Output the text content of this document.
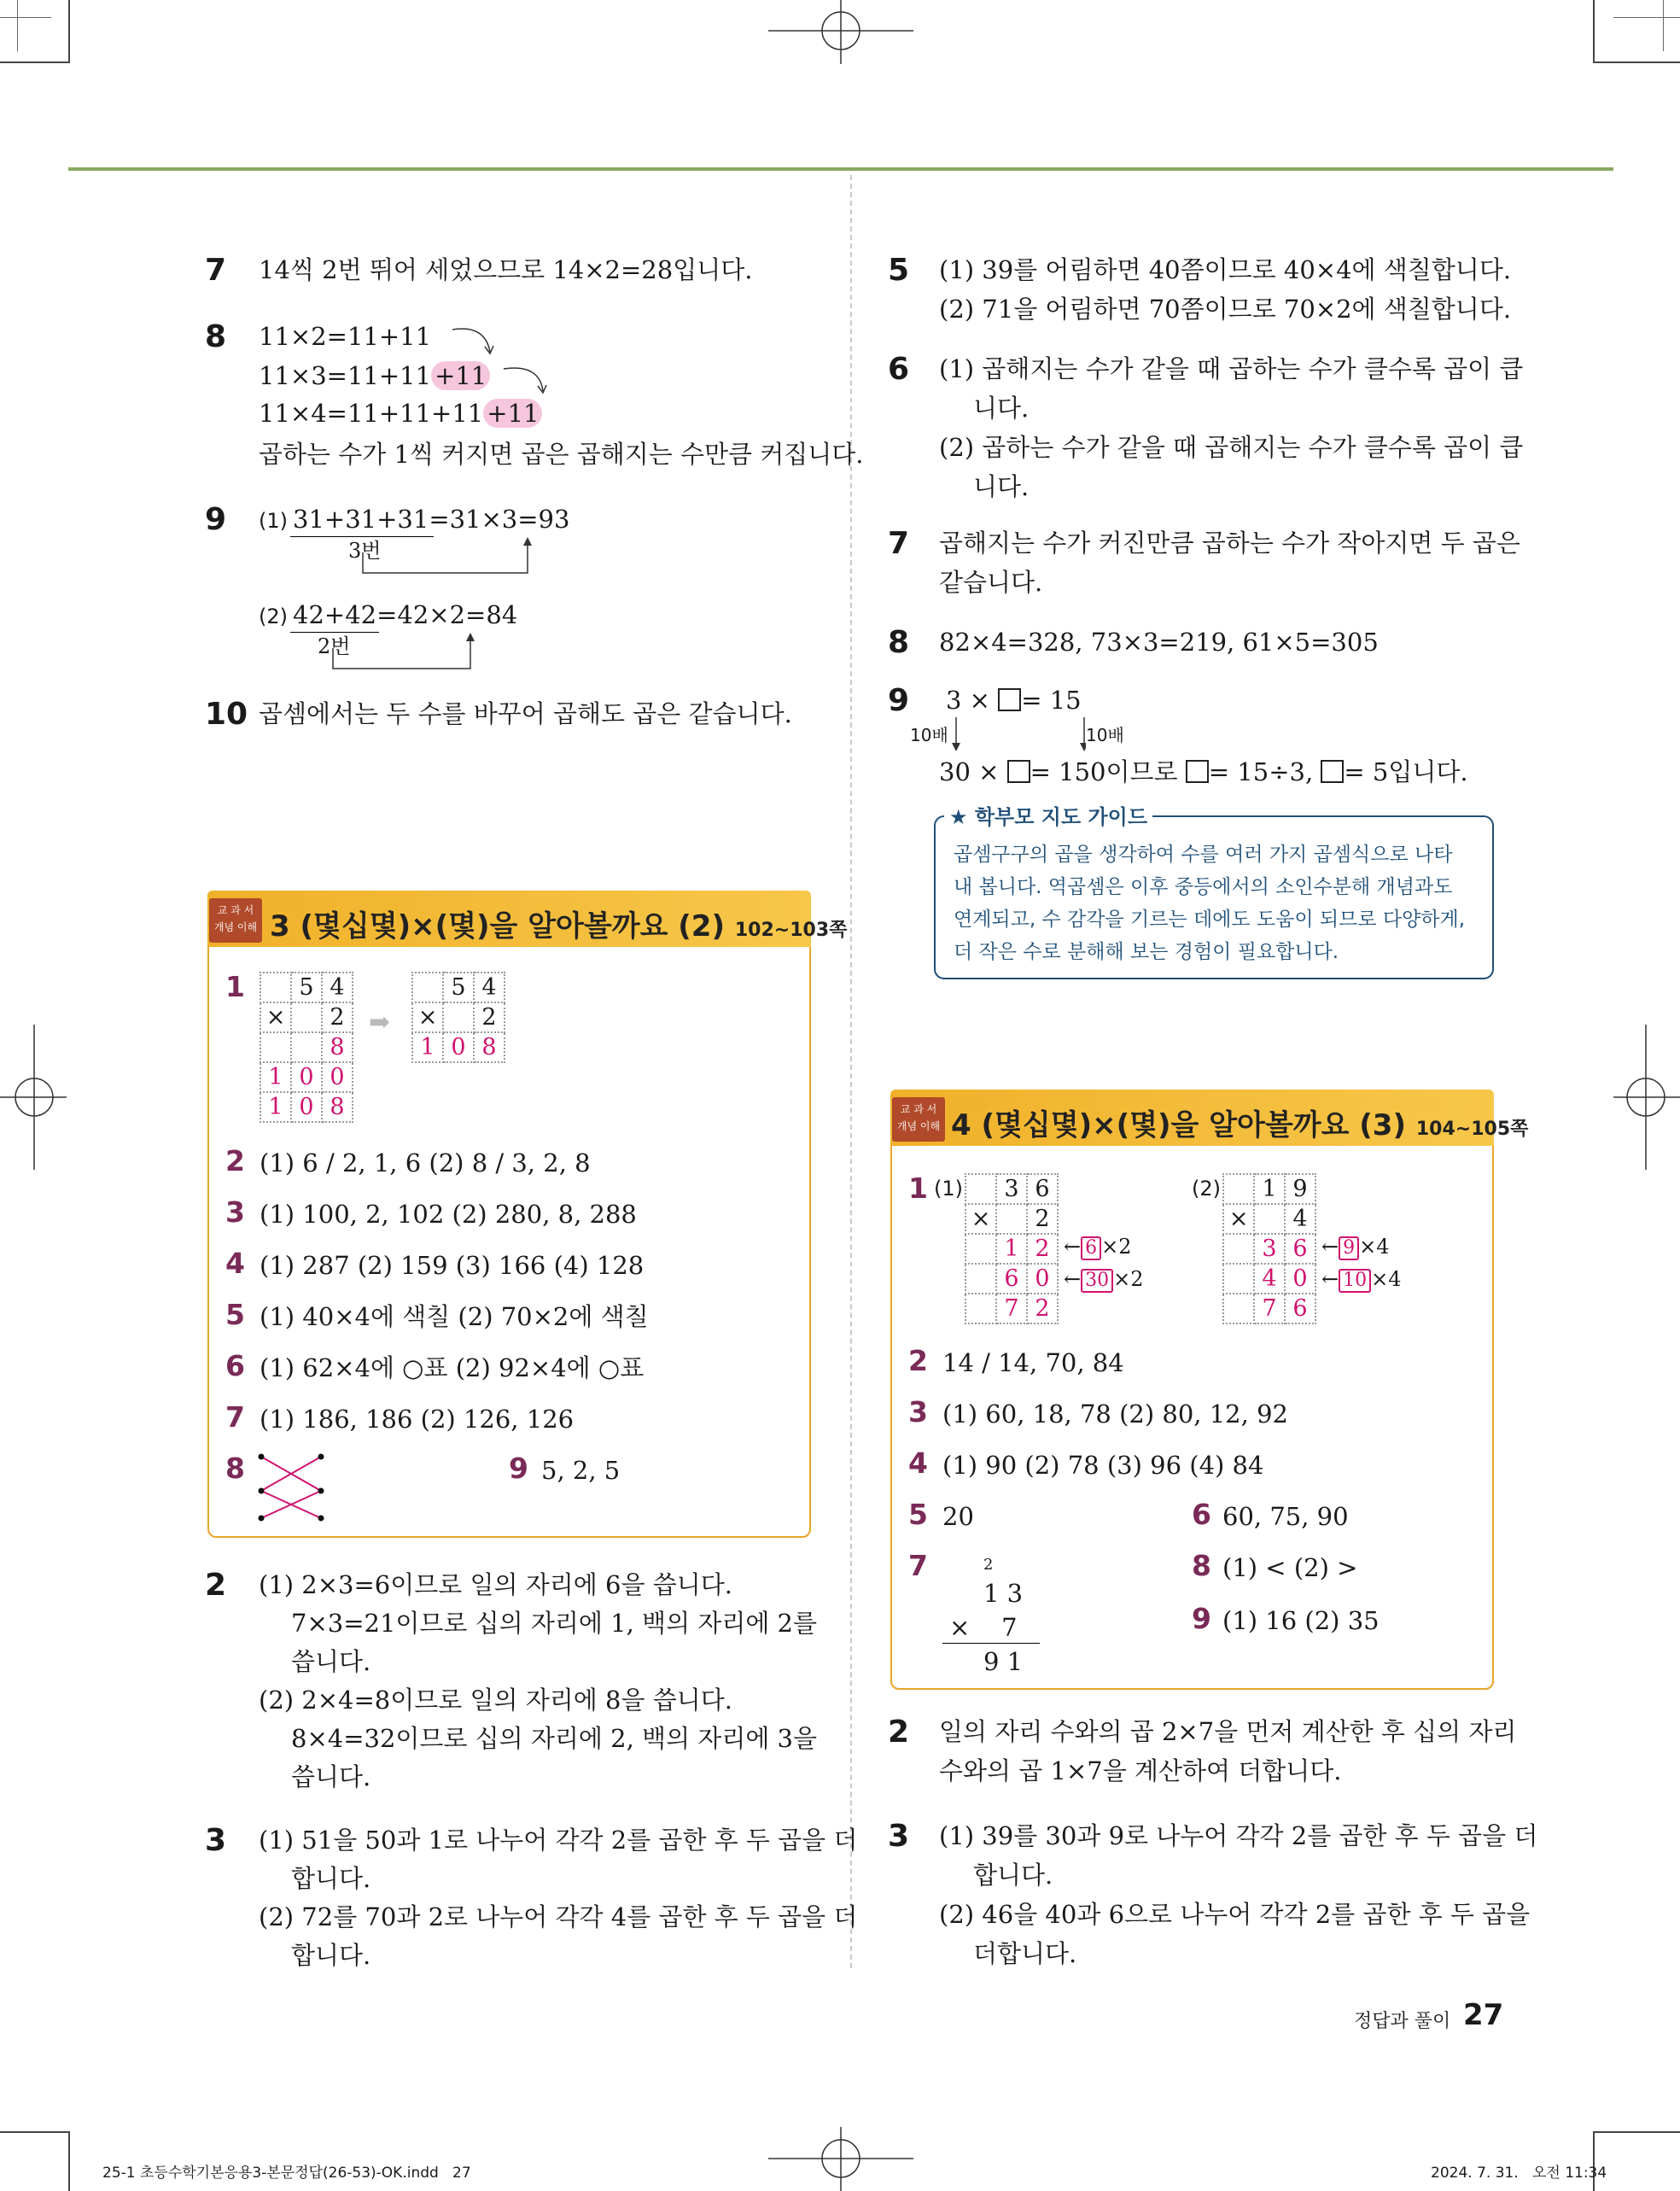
7 14씩 2번 뛰어 세었으므로 14×2=28입니다.
8 11×2=11+11
11×3=11+11 +11
11×4=11+11+11 +11
곱하는 수가 1씩 커지면 곱은 곱해지는 수만큼 커집니다.
9 (1) 31+31+31=31×3=93
3번
(2) 42+42=42×2=84
2번
10 곱셈에서는 두 수를 바꾸어 곱해도 곱은 같습니다.
교 과 서
개념 이해 3 (몇십몇)×(몇)을 알아볼까요 (2) 102~103쪽
1
	5	4
×		2
		8
1	0	0
1	0	8
➡
	5	4
×		2
1	0	8
2 (1) 6 / 2, 1, 6 (2) 8 / 3, 2, 8
3 (1) 100, 2, 102 (2) 280, 8, 288
4 (1) 287 (2) 159 (3) 166 (4) 128
5 (1) 40×4에 색칠 (2) 70×2에 색칠
6 (1) 62×4에 ○표 (2) 92×4에 ○표
7 (1) 186, 186 (2) 126, 126
8	9 5, 2, 5
2 (1) 2×3=6이므로 일의 자리에 6을 씁니다.
7×3=21이므로 십의 자리에 1, 백의 자리에 2를
씁니다.
(2) 2×4=8이므로 일의 자리에 8을 씁니다.
8×4=32이므로 십의 자리에 2, 백의 자리에 3을
씁니다.
3 (1) 51을 50과 1로 나누어 각각 2를 곱한 후 두 곱을 더
합니다.
(2) 72를 70과 2로 나누어 각각 4를 곱한 후 두 곱을 더
합니다.
5 (1) 39를 어림하면 40쯤이므로 40×4에 색칠합니다.
(2) 71을 어림하면 70쯤이므로 70×2에 색칠합니다.
6 (1) 곱해지는 수가 같을 때 곱하는 수가 클수록 곱이 큽
니다.
(2) 곱하는 수가 같을 때 곱해지는 수가 클수록 곱이 큽
니다.
7 곱해지는 수가 커진만큼 곱하는 수가 작아지면 두 곱은
같습니다.
8 82×4=328, 73×3=219, 61×5=305
9 3 × = 15
10배	10배
30 × = 150이므로 = 15÷3, = 5입니다.
★ 학부모 지도 가이드
곱셈구구의 곱을 생각하여 수를 여러 가지 곱셈식으로 나타
내 봅니다. 역곱셈은 이후 중등에서의 소인수분해 개념과도
연계되고, 수 감각을 기르는 데에도 도움이 되므로 다양하게,
더 작은 수로 분해해 보는 경험이 필요합니다.
교 과 서
개념 이해 4 (몇십몇)×(몇)을 알아볼까요 (3) 104~105쪽
1 (1)
	3	6
×		2
	1	2
	6	0
	7	2
← 6 ×2
← 30 ×2
(2)
	1	9
×		4
	3	6
	4	0
	7	6
← 9 ×4
← 10 ×4
2 14 / 14, 70, 84
3 (1) 60, 18, 78 (2) 80, 12, 92
4 (1) 90 (2) 78 (3) 96 (4) 84
5 20	6 60, 75, 90
7	2
1 3
×    7
9 1
8 (1) < (2) >
9 (1) 16 (2) 35
2 일의 자리 수와의 곱 2×7을 먼저 계산한 후 십의 자리
수와의 곱 1×7을 계산하여 더합니다.
3 (1) 39를 30과 9로 나누어 각각 2를 곱한 후 두 곱을 더
합니다.
(2) 46을 40과 6으로 나누어 각각 2를 곱한 후 두 곱을
더합니다.
정답과 풀이 27
25-1 초등수학기본응용3-본문정답(26-53)-OK.indd   27	2024. 7. 31.   오전 11:34
